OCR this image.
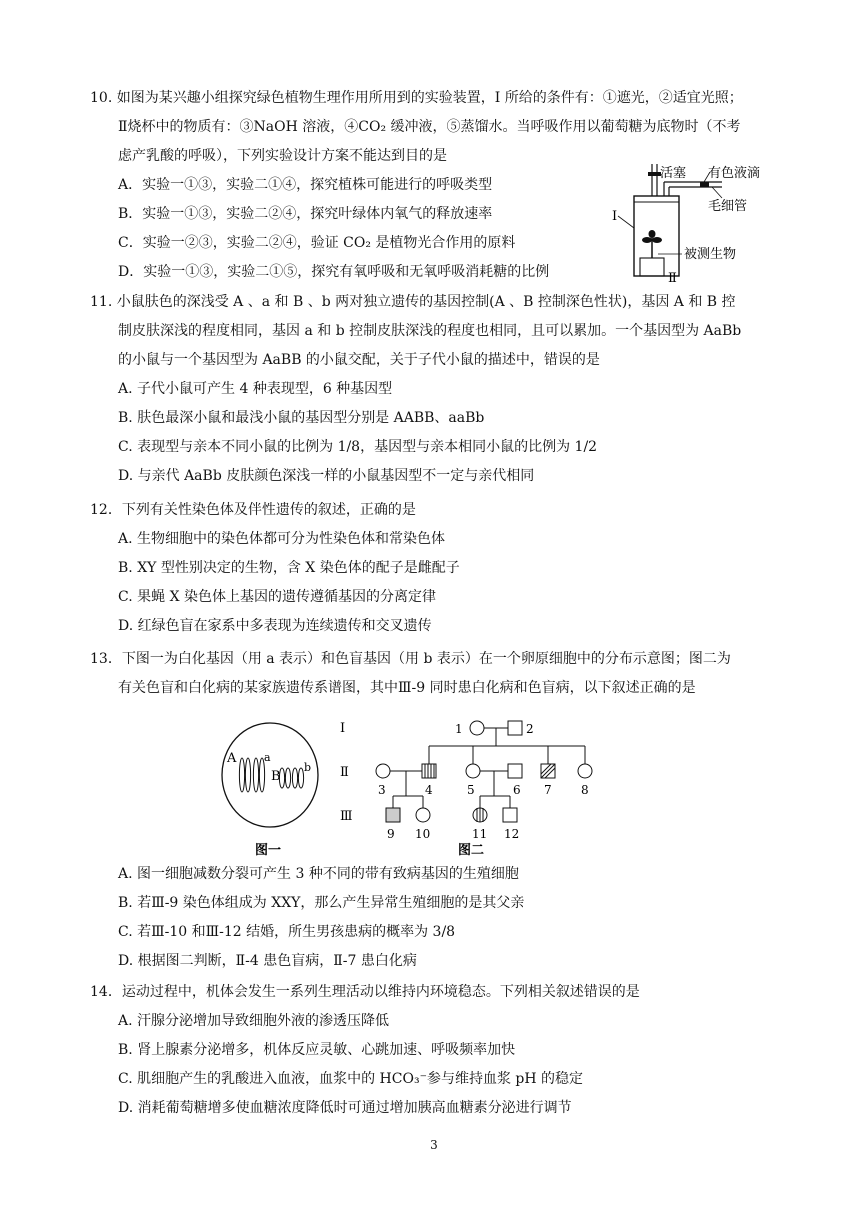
10. 如图为某兴趣小组探究绿色植物生理作用所用到的实验装置，I 所给的条件有：①遮光，②适宜光照；
Ⅱ烧杯中的物质有：③NaOH 溶液，④CO₂ 缓冲液，⑤蒸馏水。当呼吸作用以葡萄糖为底物时（不考
虑产乳酸的呼吸），下列实验设计方案不能达到目的是
A．实验一①③，实验二①④，探究植株可能进行的呼吸类型
B．实验一①③，实验二②④，探究叶绿体内氧气的释放速率
C．实验一②③，实验二②④，验证 CO₂ 是植物光合作用的原料
D．实验一①③，实验二①⑤，探究有氧呼吸和无氧呼吸消耗糖的比例
活塞 有色液滴
毛细管
被测生物
I
Ⅱ
11. 小鼠肤色的深浅受 A 、a 和 B 、b 两对独立遗传的基因控制(A 、B 控制深色性状)，基因 A 和 B 控
制皮肤深浅的程度相同，基因 a 和 b 控制皮肤深浅的程度也相同，且可以累加。一个基因型为 AaBb
的小鼠与一个基因型为 AaBB 的小鼠交配，关于子代小鼠的描述中，错误的是
A. 子代小鼠可产生 4 种表现型，6 种基因型
B. 肤色最深小鼠和最浅小鼠的基因型分别是 AABB、aaBb
C. 表现型与亲本不同小鼠的比例为 1/8，基因型与亲本相同小鼠的比例为 1/2
D. 与亲代 AaBb 皮肤颜色深浅一样的小鼠基因型不一定与亲代相同
12．下列有关性染色体及伴性遗传的叙述，正确的是
A. 生物细胞中的染色体都可分为性染色体和常染色体
B. XY 型性别决定的生物，含 X 染色体的配子是雌配子
C. 果蝇 X 染色体上基因的遗传遵循基因的分离定律
D. 红绿色盲在家系中多表现为连续遗传和交叉遗传
13．下图一为白化基因（用 a 表示）和色盲基因（用 b 表示）在一个卵原细胞中的分布示意图；图二为
有关色盲和白化病的某家族遗传系谱图，其中Ⅲ-9 同时患白化病和色盲病，以下叙述正确的是
A	a
B
b
图一
Ⅰ
Ⅱ
Ⅲ
1	2
3	4	5	6 7 8
9 10	11 12
图二
A. 图一细胞减数分裂可产生 3 种不同的带有致病基因的生殖细胞
B. 若Ⅲ-9 染色体组成为 XXY，那么产生异常生殖细胞的是其父亲
C. 若Ⅲ-10 和Ⅲ-12 结婚，所生男孩患病的概率为 3/8
D. 根据图二判断，Ⅱ-4 患色盲病，Ⅱ-7 患白化病
14．运动过程中，机体会发生一系列生理活动以维持内环境稳态。下列相关叙述错误的是
A. 汗腺分泌增加导致细胞外液的渗透压降低
B. 肾上腺素分泌增多，机体反应灵敏、心跳加速、呼吸频率加快
C. 肌细胞产生的乳酸进入血液，血浆中的 HCO₃⁻参与维持血浆 pH 的稳定
D. 消耗葡萄糖增多使血糖浓度降低时可通过增加胰高血糖素分泌进行调节
3
